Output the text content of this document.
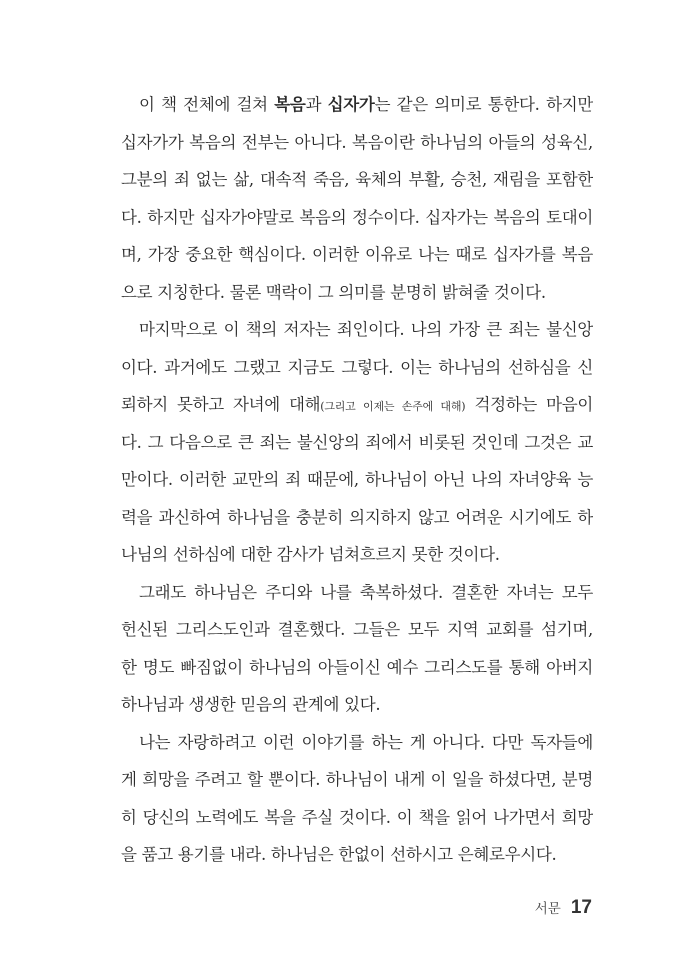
이 책 전체에 걸쳐 복음과 십자가는 같은 의미로 통한다. 하지만
십자가가 복음의 전부는 아니다. 복음이란 하나님의 아들의 성육신,
그분의 죄 없는 삶, 대속적 죽음, 육체의 부활, 승천, 재림을 포함한
다. 하지만 십자가야말로 복음의 정수이다. 십자가는 복음의 토대이
며, 가장 중요한 핵심이다. 이러한 이유로 나는 때로 십자가를 복음
으로 지칭한다. 물론 맥락이 그 의미를 분명히 밝혀줄 것이다.
마지막으로 이 책의 저자는 죄인이다. 나의 가장 큰 죄는 불신앙
이다. 과거에도 그랬고 지금도 그렇다. 이는 하나님의 선하심을 신
뢰하지 못하고 자녀에 대해(그리고 이제는 손주에 대해) 걱정하는 마음이
다. 그 다음으로 큰 죄는 불신앙의 죄에서 비롯된 것인데 그것은 교
만이다. 이러한 교만의 죄 때문에, 하나님이 아닌 나의 자녀양육 능
력을 과신하여 하나님을 충분히 의지하지 않고 어려운 시기에도 하
나님의 선하심에 대한 감사가 넘쳐흐르지 못한 것이다.
그래도 하나님은 주디와 나를 축복하셨다. 결혼한 자녀는 모두
헌신된 그리스도인과 결혼했다. 그들은 모두 지역 교회를 섬기며,
한 명도 빠짐없이 하나님의 아들이신 예수 그리스도를 통해 아버지
하나님과 생생한 믿음의 관계에 있다.
나는 자랑하려고 이런 이야기를 하는 게 아니다. 다만 독자들에
게 희망을 주려고 할 뿐이다. 하나님이 내게 이 일을 하셨다면, 분명
히 당신의 노력에도 복을 주실 것이다. 이 책을 읽어 나가면서 희망
을 품고 용기를 내라. 하나님은 한없이 선하시고 은혜로우시다.
서문 17
